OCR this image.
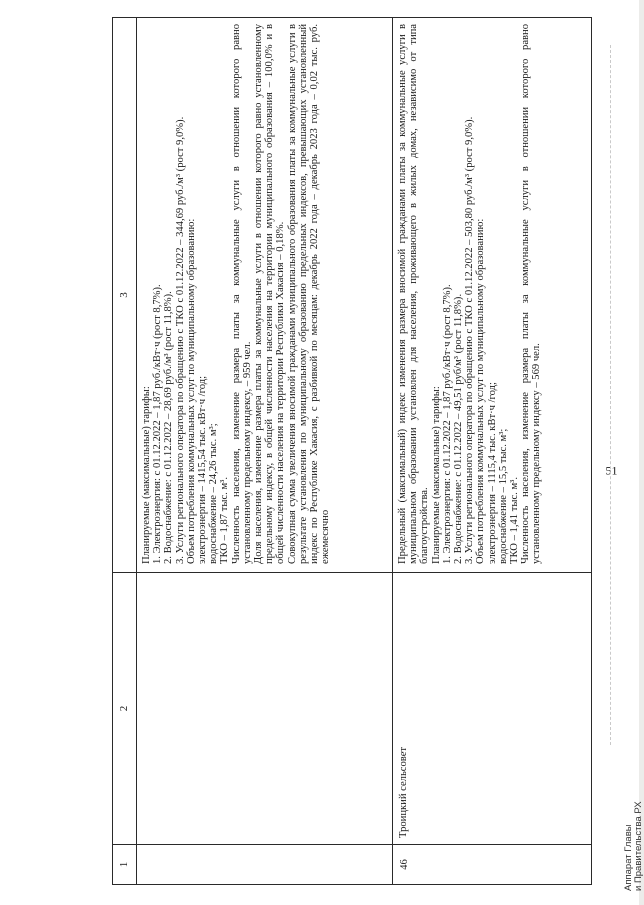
51
1
2
3

Планируемые (максимальные) тарифы: 1. Электроэнергия: с 01.12.2022 – 1,87 руб./кВт·ч (рост 8,7%). 2. Водоснабжение: с 01.12.2022 – 28,69 руб./м³ (рост 11,8%). 3. Услуги регионального оператора по обращению с ТКО с 01.12.2022 – 344,69 руб./м³ (рост 9,0%). Объем потребления коммунальных услуг по муниципальному образованию: электроэнергия – 1415,54 тыс. кВт·ч /год; водоснабжение – 24,26 тыс. м³; ТКО – 1,87 тыс. м³. Численность населения, изменение размера платы за коммунальные услуги в отношении которого равно установленному предельному индексу, – 959 чел. Доля населения, изменение размера платы за коммунальные услуги в отношении которого равно установленному предельному индексу, в общей численности населения на территории муниципального образования – 100,0% и в общей численности населения на территории Республики Хакасия – 0,18%. Совокупная сумма увеличения вносимой гражданами муниципального образования платы за коммунальные услуги в результате установления по муниципальному образованию предельных индексов, превышающих установленный индекс по Республике Хакасия, с разбивкой по месяцам: декабрь 2022 года – декабрь 2023 года – 0,02 тыс. руб. ежемесячно

46
Троицкий сельсовет

Предельный (максимальный) индекс изменения размера вносимой гражданами платы за коммунальные услуги в муниципальном образовании установлен для населения, проживающего в жилых домах, независимо от типа благоустройства. Планируемые (максимальные) тарифы: 1. Электроэнергия: с 01.12.2022 – 1,87 руб./кВт·ч (рост 8,7%). 2. Водоснабжение: с 01.12.2022 – 49,51 руб/м³ (рост 11,8%). 3. Услуги регионального оператора по обращению с ТКО с 01.12.2022 – 503,80 руб./м³ (рост 9,0%). Объем потребления коммунальных услуг по муниципальному образованию: электроэнергия – 1115,4 тыс. кВт·ч /год; водоснабжение – 15,5 тыс. м³; ТКО – 1,41 тыс. м³. Численность населения, изменение размера платы за коммунальные услуги в отношении которого равно установленному предельному индексу – 569 чел.

Аппарат Главы и Правительства РХ
